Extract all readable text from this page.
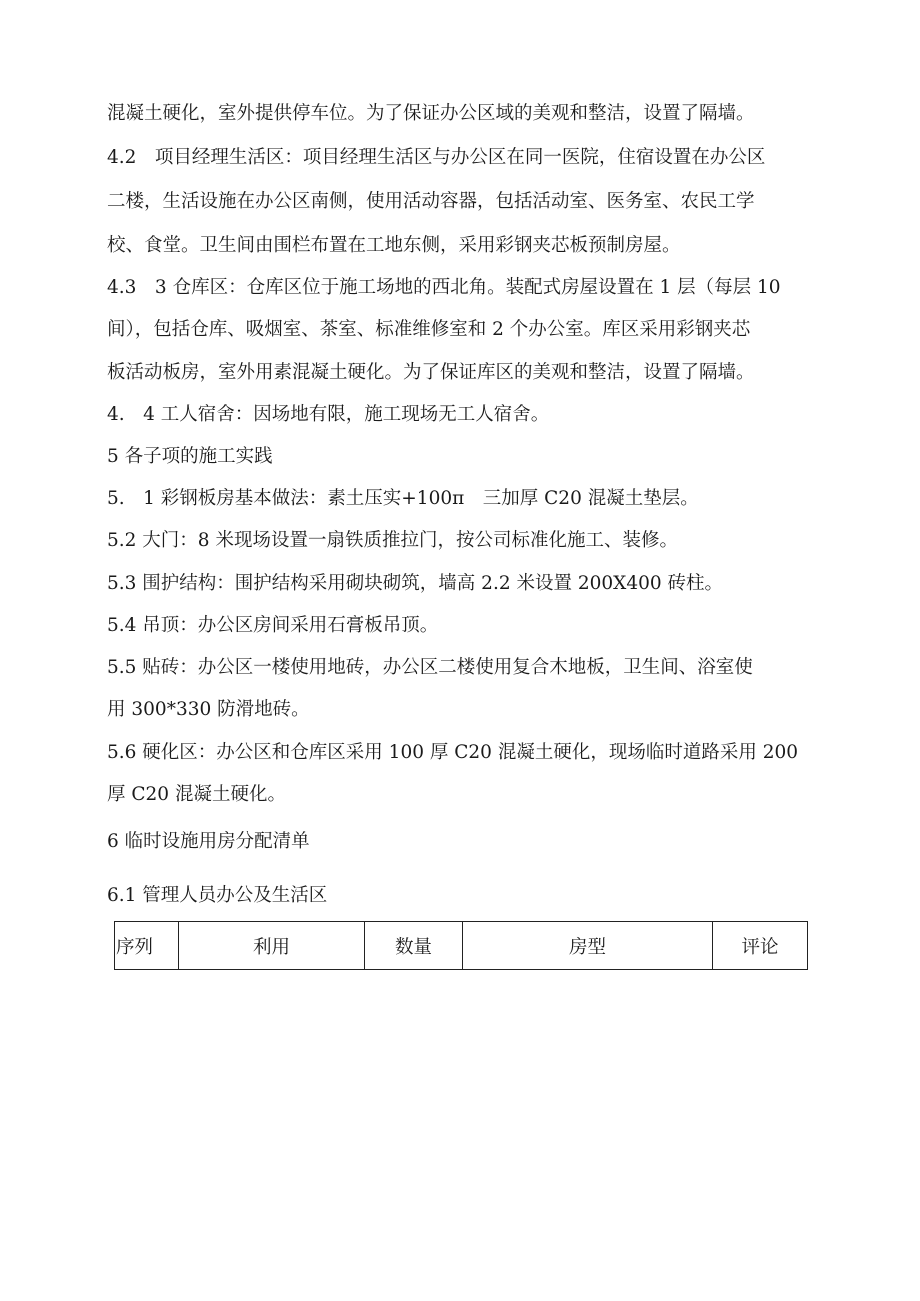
混凝土硬化，室外提供停车位。为了保证办公区域的美观和整洁，设置了隔墙。
4.2　项目经理生活区：项目经理生活区与办公区在同一医院，住宿设置在办公区
二楼，生活设施在办公区南侧，使用活动容器，包括活动室、医务室、农民工学
校、食堂。卫生间由围栏布置在工地东侧，采用彩钢夹芯板预制房屋。
4.3　3 仓库区：仓库区位于施工场地的西北角。装配式房屋设置在 1 层（每层 10
间），包括仓库、吸烟室、茶室、标准维修室和 2 个办公室。库区采用彩钢夹芯
板活动板房，室外用素混凝土硬化。为了保证库区的美观和整洁，设置了隔墙。
4.　4 工人宿舍：因场地有限，施工现场无工人宿舍。
5 各子项的施工实践
5.　1 彩钢板房基本做法：素土压实+100π　三加厚 C20 混凝土垫层。
5.2 大门：8 米现场设置一扇铁质推拉门，按公司标准化施工、装修。
5.3 围护结构：围护结构采用砌块砌筑，墙高 2.2 米设置 200X400 砖柱。
5.4 吊顶：办公区房间采用石膏板吊顶。
5.5 贴砖：办公区一楼使用地砖，办公区二楼使用复合木地板，卫生间、浴室使
用 300*330 防滑地砖。
5.6 硬化区：办公区和仓库区采用 100 厚 C20 混凝土硬化，现场临时道路采用 200
厚 C20 混凝土硬化。
6 临时设施用房分配清单
6.1 管理人员办公及生活区
序列	利用	数量	房型	评论
